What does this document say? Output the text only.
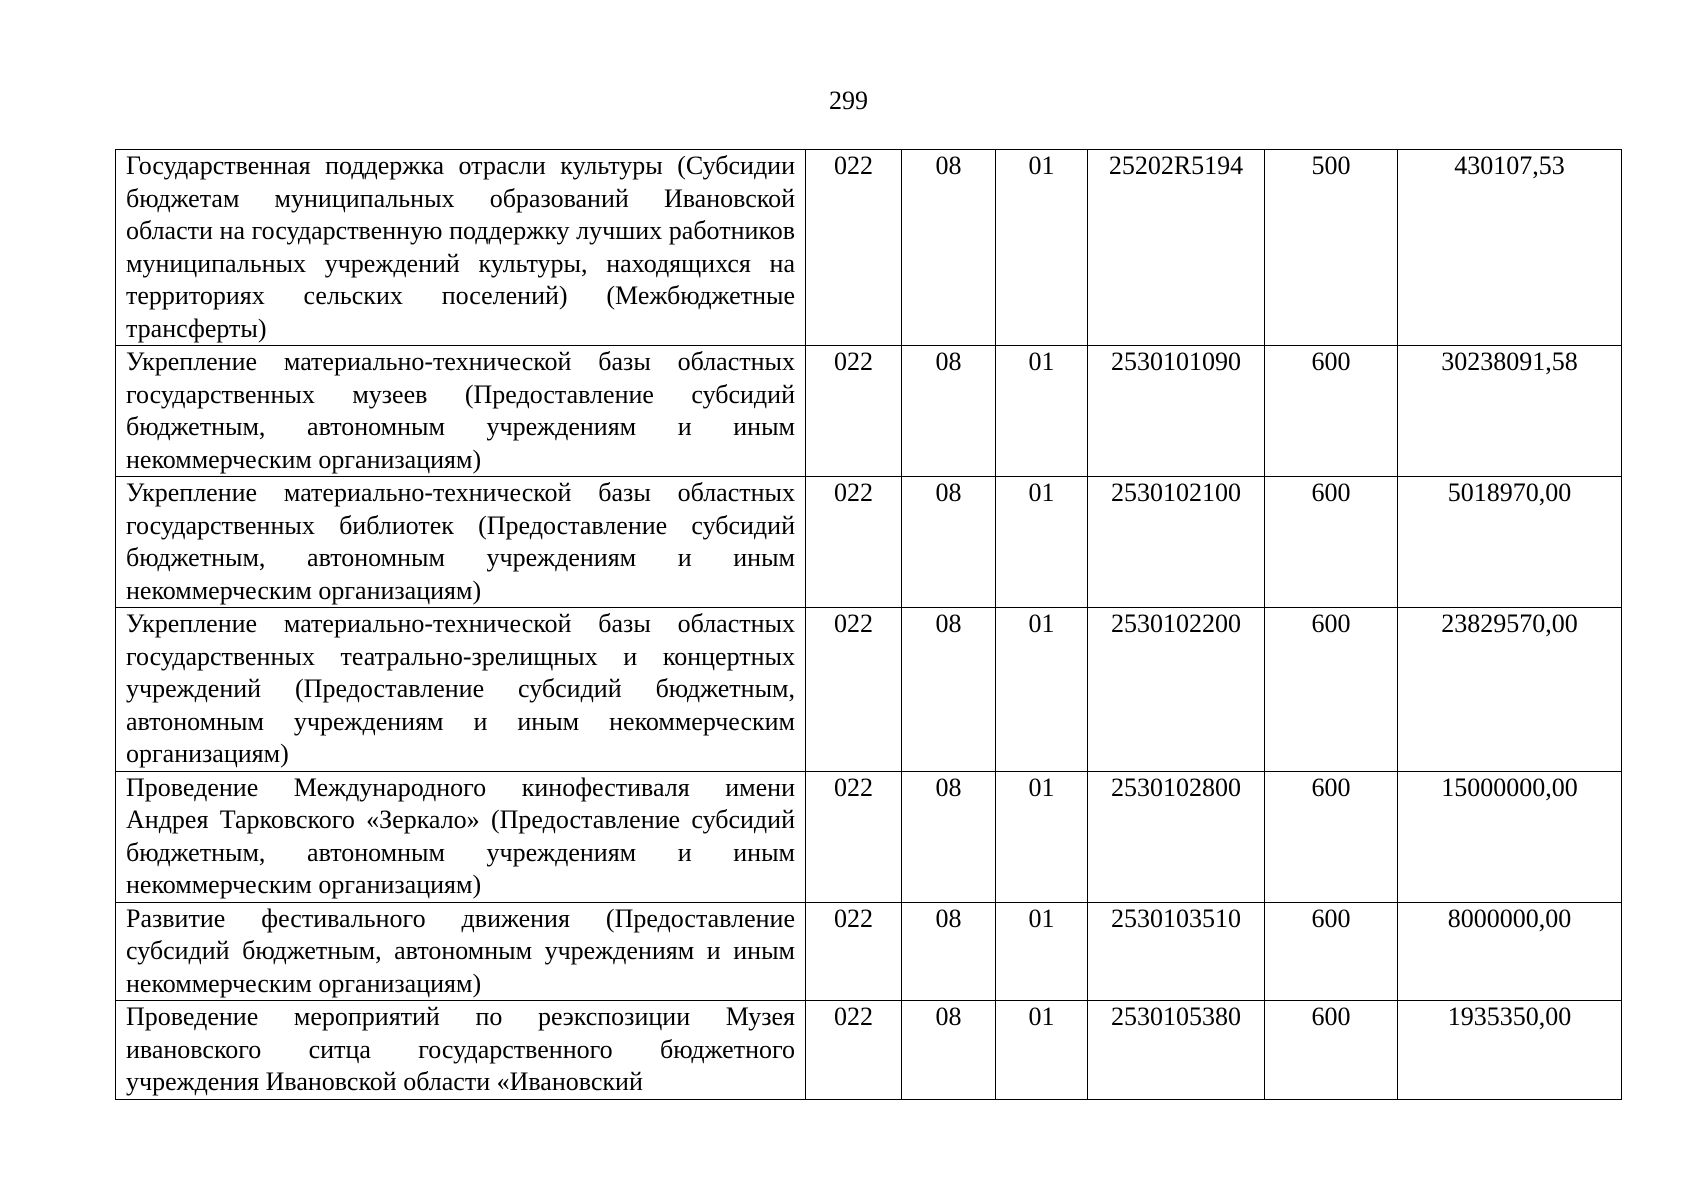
299
Государственная поддержка отрасли культуры (Субсидии бюджетам муниципальных образований Ивановской области на государственную поддержку лучших работников муниципальных учреждений культуры, находящихся на территориях сельских поселений) (Межбюджетные трансферты)	022	08	01	25202R5194	500	430107,53
Укрепление материально-технической базы областных государственных музеев (Предоставление субсидий бюджетным, автономным учреждениям и иным некоммерческим организациям)	022	08	01	2530101090	600	30238091,58
Укрепление материально-технической базы областных государственных библиотек (Предоставление субсидий бюджетным, автономным учреждениям и иным некоммерческим организациям)	022	08	01	2530102100	600	5018970,00
Укрепление материально-технической базы областных государственных театрально-зрелищных и концертных учреждений (Предоставление субсидий бюджетным, автономным учреждениям и иным некоммерческим организациям)	022	08	01	2530102200	600	23829570,00
Проведение Международного кинофестиваля имени Андрея Тарковского «Зеркало» (Предоставление субсидий бюджетным, автономным учреждениям и иным некоммерческим организациям)	022	08	01	2530102800	600	15000000,00
Развитие фестивального движения (Предоставление субсидий бюджетным, автономным учреждениям и иным некоммерческим организациям)	022	08	01	2530103510	600	8000000,00
Проведение мероприятий по реэкспозиции Музея ивановского ситца государственного бюджетного учреждения Ивановской области «Ивановский	022	08	01	2530105380	600	1935350,00
